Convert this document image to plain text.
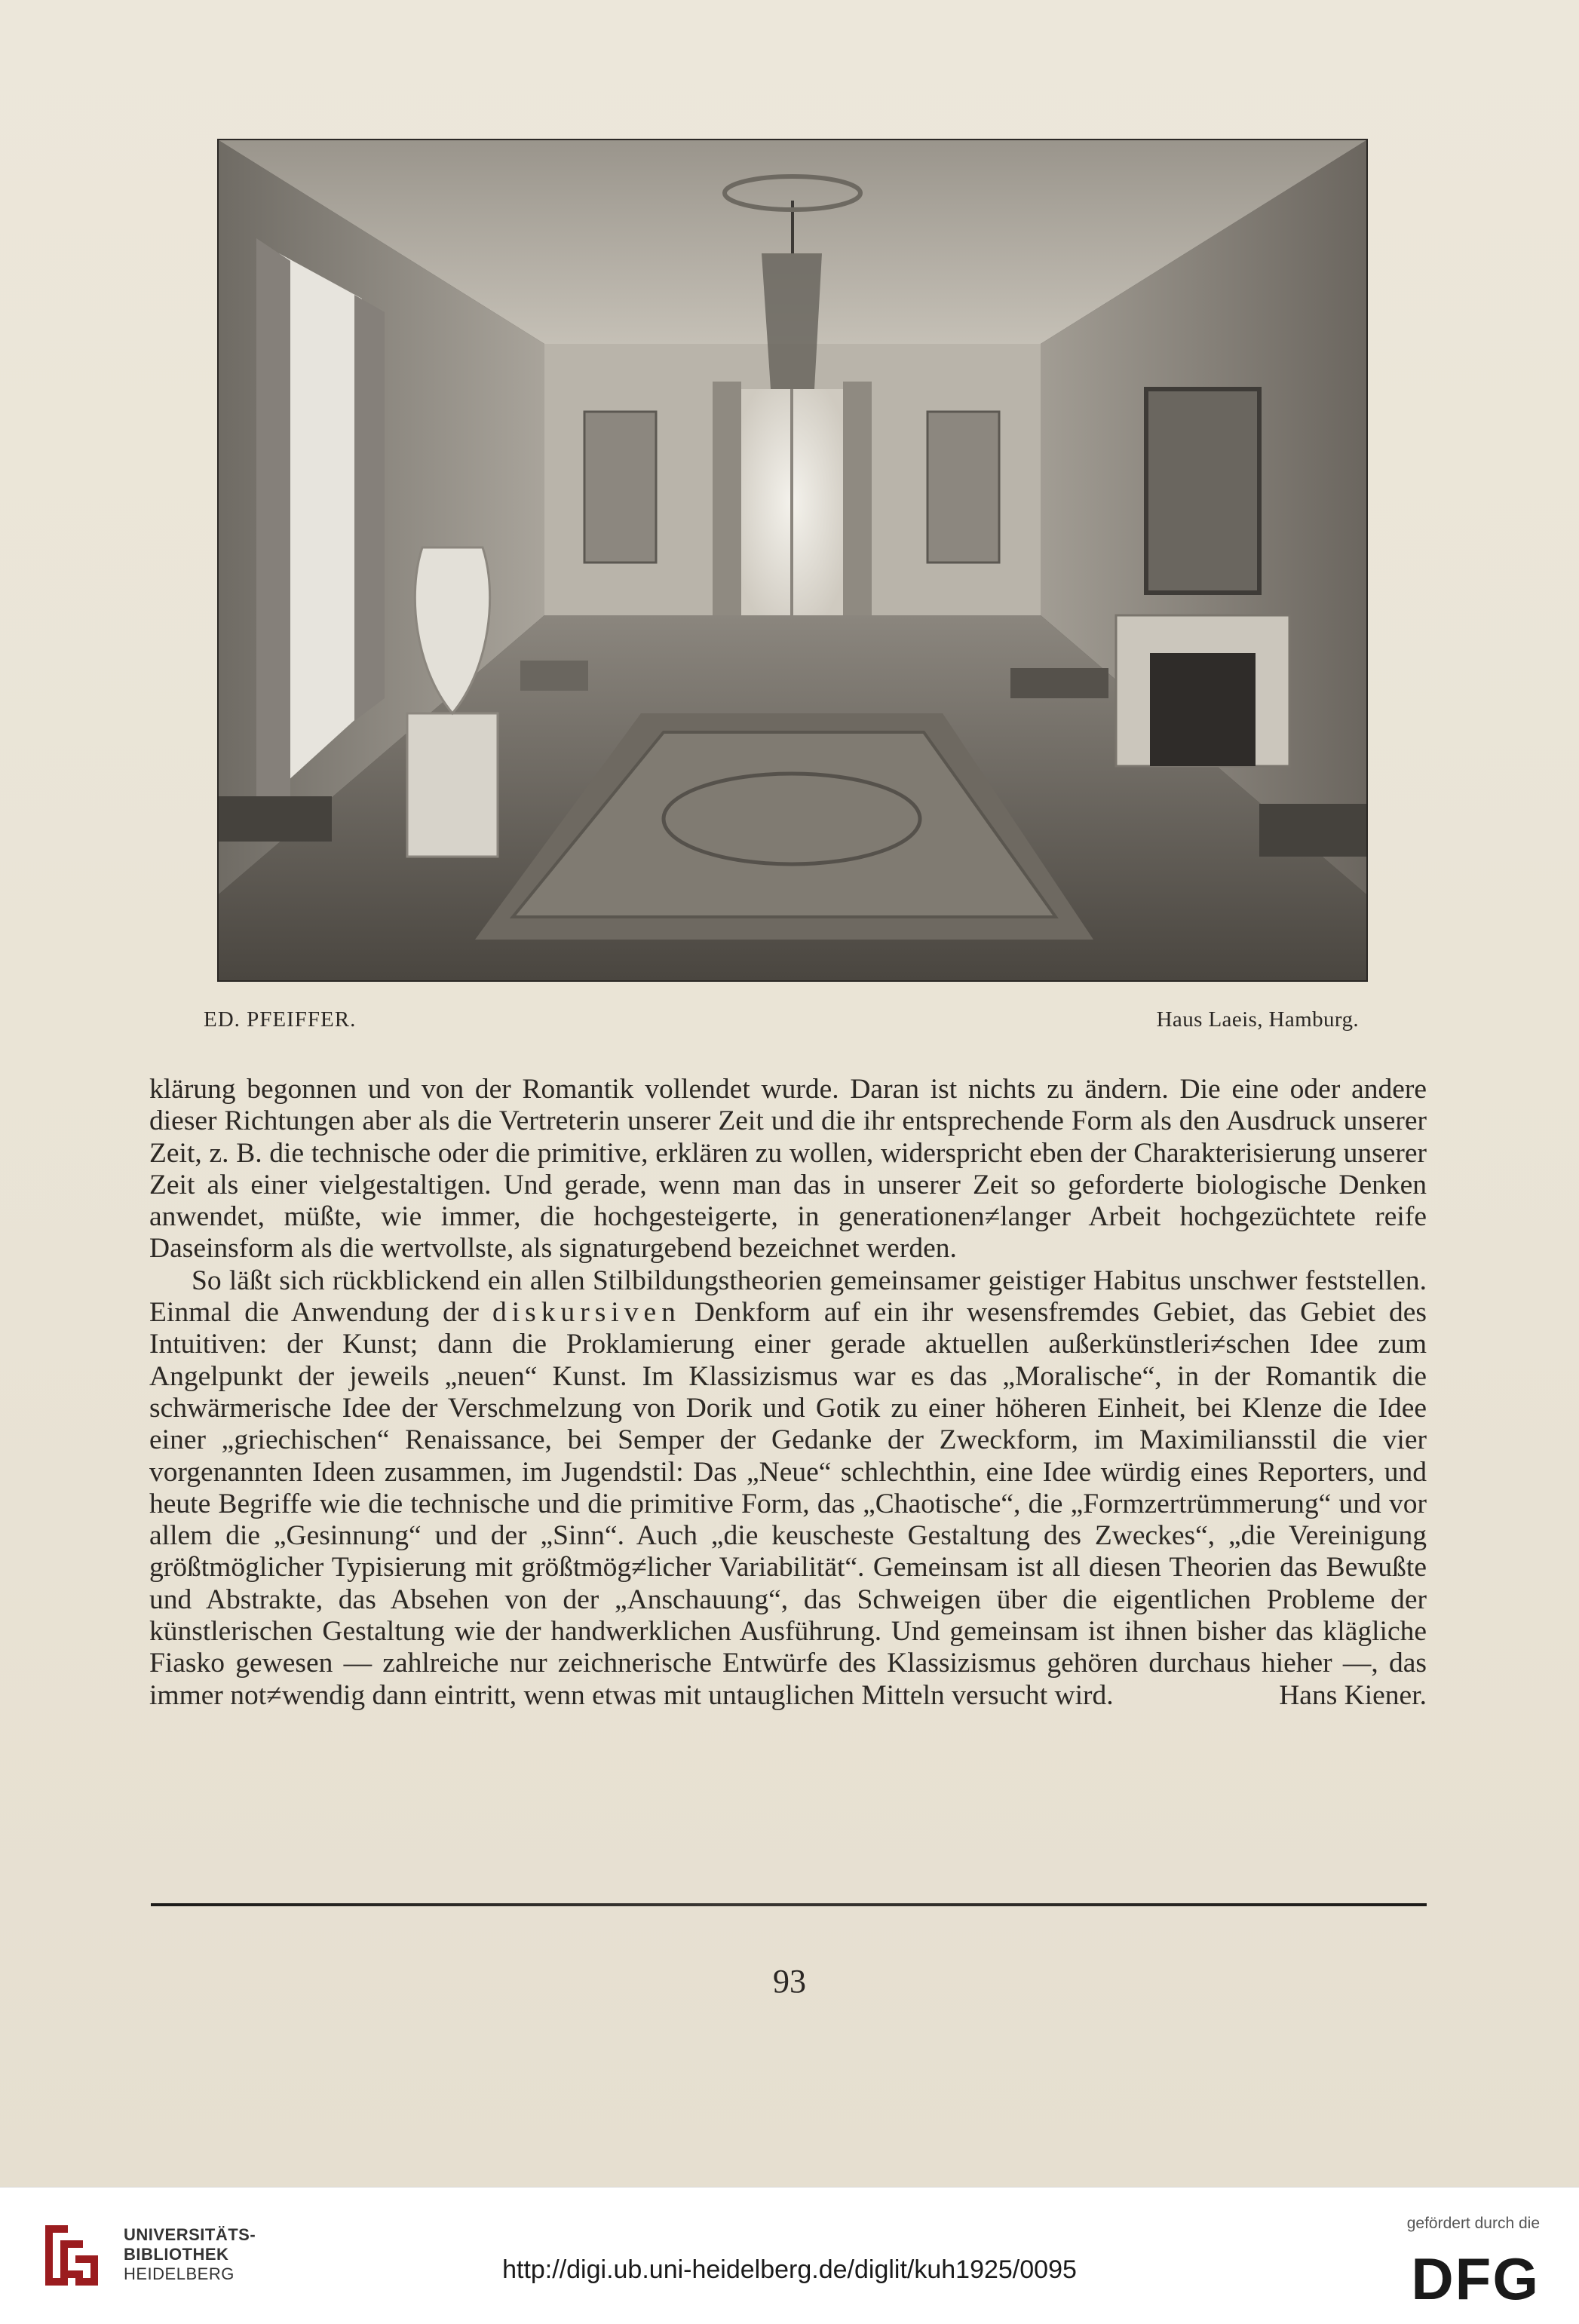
ED. PFEIFFER.	Haus Laeis, Hamburg.

klärung begonnen und von der Romantik vollendet wurde. Daran ist nichts zu ändern. Die eine oder andere dieser Richtungen aber als die Vertreterin unserer Zeit und die ihr entsprechende Form als den Ausdruck unserer Zeit, z. B. die technische oder die primitive, erklären zu wollen, widerspricht eben der Charakterisierung unserer Zeit als einer vielgestaltigen. Und gerade, wenn man das in unserer Zeit so geforderte biologische Denken anwendet, müßte, wie immer, die hochgesteigerte, in generationen≠langer Arbeit hochgezüchtete reife Daseinsform als die wertvollste, als signaturgebend bezeichnet werden.

So läßt sich rückblickend ein allen Stilbildungstheorien gemeinsamer geistiger Habitus unschwer feststellen. Einmal die Anwendung der diskursiven Denkform auf ein ihr wesensfremdes Gebiet, das Gebiet des Intuitiven: der Kunst; dann die Proklamierung einer gerade aktuellen außerkünstleri≠schen Idee zum Angelpunkt der jeweils „neuen“ Kunst. Im Klassizismus war es das „Moralische“, in der Romantik die schwärmerische Idee der Verschmelzung von Dorik und Gotik zu einer höheren Einheit, bei Klenze die Idee einer „griechischen“ Renaissance, bei Semper der Gedanke der Zweckform, im Maximiliansstil die vier vorgenannten Ideen zusammen, im Jugendstil: Das „Neue“ schlechthin, eine Idee würdig eines Reporters, und heute Begriffe wie die technische und die primitive Form, das „Chaotische“, die „Formzertrümmerung“ und vor allem die „Gesinnung“ und der „Sinn“. Auch „die keuscheste Gestaltung des Zweckes“, „die Vereinigung größtmöglicher Typisierung mit größtmög≠licher Variabilität“. Gemeinsam ist all diesen Theorien das Bewußte und Abstrakte, das Absehen von der „Anschauung“, das Schweigen über die eigentlichen Probleme der künstlerischen Gestaltung wie der handwerklichen Ausführung. Und gemeinsam ist ihnen bisher das klägliche Fiasko gewesen — zahlreiche nur zeichnerische Entwürfe des Klassizismus gehören durchaus hieher —, das immer not≠wendig dann eintritt, wenn etwas mit untauglichen Mitteln versucht wird.	Hans Kiener.

93
UNIVERSITÄTS-
BIBLIOTHEK
HEIDELBERG	http://digi.ub.uni-heidelberg.de/diglit/kuh1925/0095
gefördert durch die
DFG
